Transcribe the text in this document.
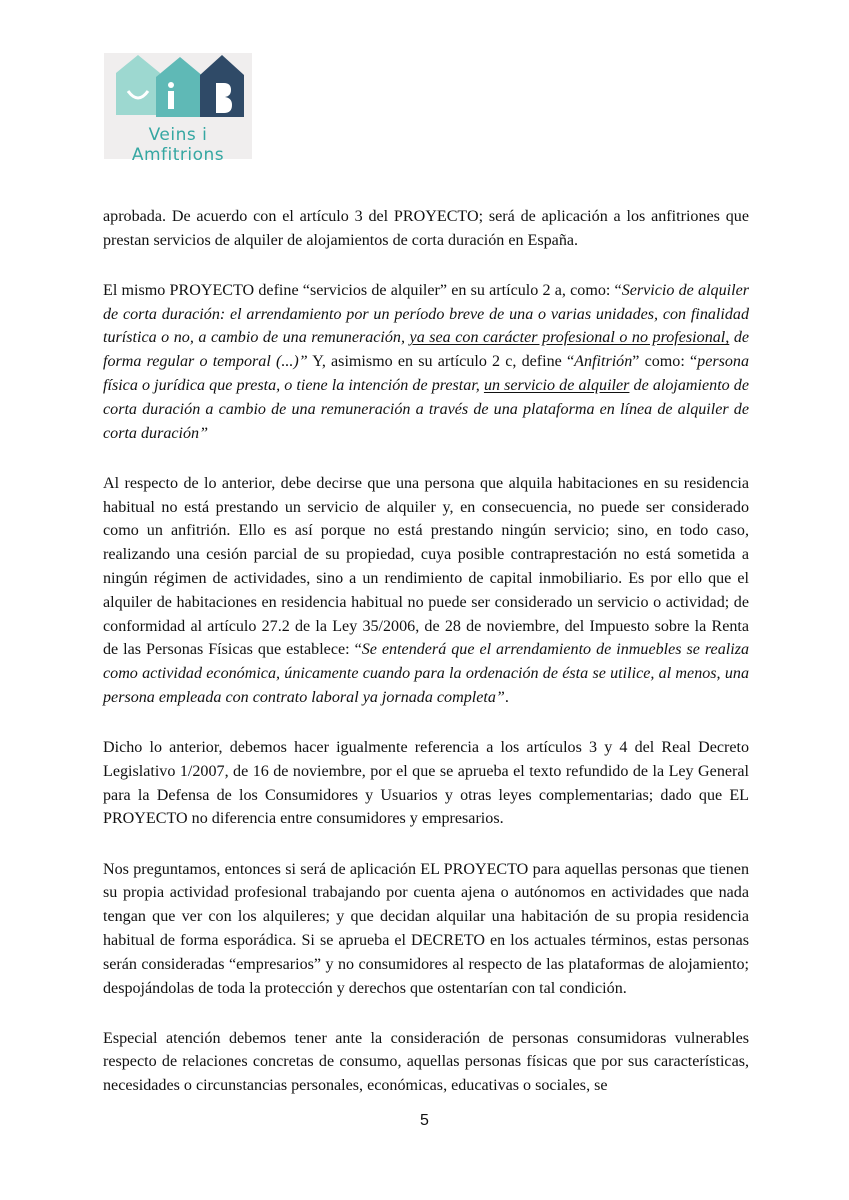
Veins i Amfitrions

aprobada. De acuerdo con el artículo 3 del PROYECTO; será de aplicación a los anfitriones que prestan servicios de alquiler de alojamientos de corta duración en España.

El mismo PROYECTO define “servicios de alquiler” en su artículo 2 a, como: “Servicio de alquiler de corta duración: el arrendamiento por un período breve de una o varias unidades, con finalidad turística o no, a cambio de una remuneración, ya sea con carácter profesional o no profesional, de forma regular o temporal (...)” Y, asimismo en su artículo 2 c, define “Anfitrión” como: “persona física o jurídica que presta, o tiene la intención de prestar, un servicio de alquiler de alojamiento de corta duración a cambio de una remuneración a través de una plataforma en línea de alquiler de corta duración”

Al respecto de lo anterior, debe decirse que una persona que alquila habitaciones en su residencia habitual no está prestando un servicio de alquiler y, en consecuencia, no puede ser considerado como un anfitrión. Ello es así porque no está prestando ningún servicio; sino, en todo caso, realizando una cesión parcial de su propiedad, cuya posible contraprestación no está sometida a ningún régimen de actividades, sino a un rendimiento de capital inmobiliario. Es por ello que el alquiler de habitaciones en residencia habitual no puede ser considerado un servicio o actividad; de conformidad al artículo 27.2 de la Ley 35/2006, de 28 de noviembre, del Impuesto sobre la Renta de las Personas Físicas que establece: “Se entenderá que el arrendamiento de inmuebles se realiza como actividad económica, únicamente cuando para la ordenación de ésta se utilice, al menos, una persona empleada con contrato laboral ya jornada completa”.

Dicho lo anterior, debemos hacer igualmente referencia a los artículos 3 y 4 del Real Decreto Legislativo 1/2007, de 16 de noviembre, por el que se aprueba el texto refundido de la Ley General para la Defensa de los Consumidores y Usuarios y otras leyes complementarias; dado que EL PROYECTO no diferencia entre consumidores y empresarios.

Nos preguntamos, entonces si será de aplicación EL PROYECTO para aquellas personas que tienen su propia actividad profesional trabajando por cuenta ajena o autónomos en actividades que nada tengan que ver con los alquileres; y que decidan alquilar una habitación de su propia residencia habitual de forma esporádica. Si se aprueba el DECRETO en los actuales términos, estas personas serán consideradas “empresarios” y no consumidores al respecto de las plataformas de alojamiento; despojándolas de toda la protección y derechos que ostentarían con tal condición.

Especial atención debemos tener ante la consideración de personas consumidoras vulnerables respecto de relaciones concretas de consumo, aquellas personas físicas que por sus características, necesidades o circunstancias personales, económicas, educativas o sociales, se

5
